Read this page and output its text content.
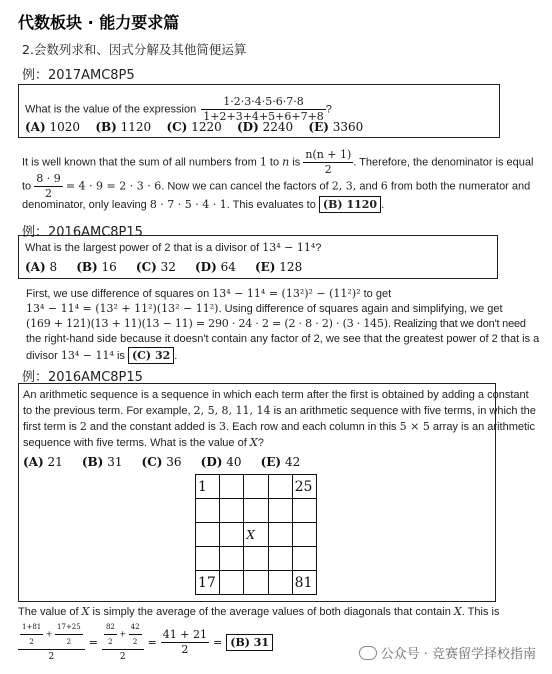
代数板块 · 能力要求篇
2.会数列求和、因式分解及其他简便运算
例：2017AMC8P5
What is the value of the expression $\frac{1\cdot 2\cdot 3\cdot 4\cdot 5\cdot 6\cdot 7\cdot 8}{1+2+3+4+5+6+7+8}$ ?
(A) 1020 (B) 1120 (C) 1220 (D) 2240 (E) 3360
It is well known that the sum of all numbers from 1 to n is $\frac{n(n + 1)}{2}$ . Therefore, the denominator is equal
to $\frac{8 \cdot 9}{2} = 4 \cdot 9 = 2 \cdot 3 \cdot 6$. Now we can cancel the factors of 2, 3, and 6 from both the numerator and
denominator, only leaving 8 · 7 · 5 · 4 · 1. This evaluates to (B) 1120 .
例：2016AMC8P15
What is the largest power of 2 that is a divisor of 13⁴ − 11⁴?
(A) 8 (B) 16 (C) 32 (D) 64 (E) 128
First, we use difference of squares on 13⁴ − 11⁴ = (13²)² − (11²)² to get
13⁴ − 11⁴ = (13² + 11²)(13² − 11²). Using difference of squares again and simplifying, we get
(169 + 121)(13 + 11)(13 − 11) = 290 · 24 · 2 = (2 · 8 · 2) · (3 · 145). Realizing that we don't need
the right-hand side because it doesn't contain any factor of 2, we see that the greatest power of 2 that is a
divisor 13⁴ − 11⁴ is (C) 32 .
例：2016AMC8P15
An arithmetic sequence is a sequence in which each term after the first is obtained by adding a constant
to the previous term. For example, 2, 5, 8, 11, 14 is an arithmetic sequence with five terms, in which the
first term is 2 and the constant added is 3. Each row and each column in this 5 × 5 array is an arithmetic
sequence with five terms. What is the value of X?
(A) 21 (B) 31 (C) 36 (D) 40 (E) 42
1				25

		X		

17				81
The value of X is simply the average of the average values of both diagonals that contain X. This is
$\frac{\frac{1+81}{2} + \frac{17+25}{2}}{2} = \frac{\frac{82}{2} + \frac{42}{2}}{2} = \frac{41 + 21}{2} = (B)$ 31
公众号 · 竞赛留学择校指南
